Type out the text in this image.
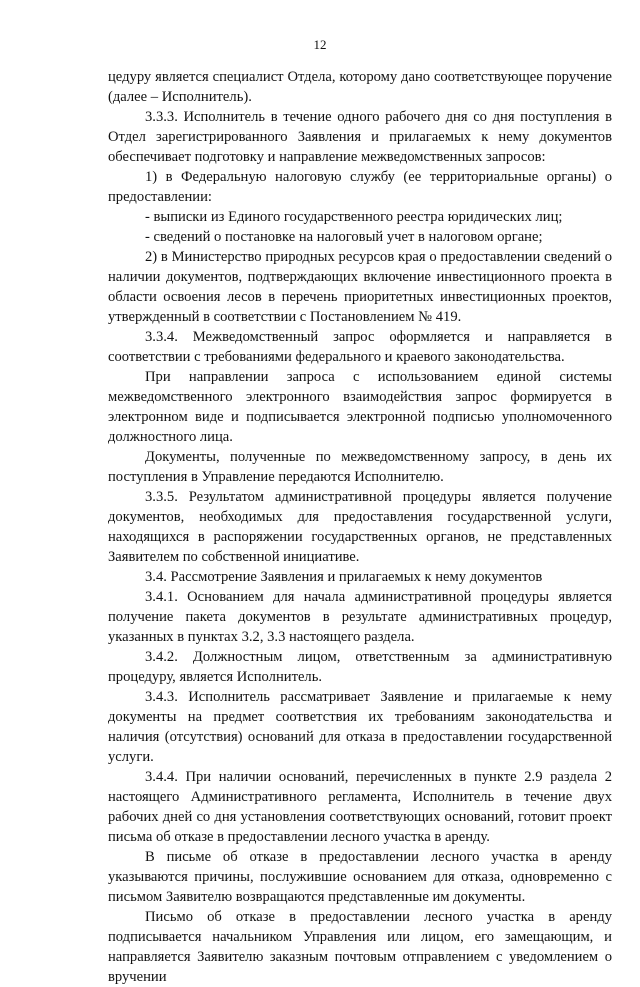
12

цедуру является специалист Отдела, которому дано соответствующее поручение (далее – Исполнитель).

3.3.3. Исполнитель в течение одного рабочего дня со дня поступления в Отдел зарегистрированного Заявления и прилагаемых к нему документов обеспечивает подготовку и направление межведомственных запросов:

1) в Федеральную налоговую службу (ее территориальные органы) о предоставлении:

- выписки из Единого государственного реестра юридических лиц;

- сведений о постановке на налоговый учет в налоговом органе;

2) в Министерство природных ресурсов края о предоставлении сведений о наличии документов, подтверждающих включение инвестиционного проекта в области освоения лесов в перечень приоритетных инвестиционных проектов, утвержденный в соответствии с Постановлением № 419.

3.3.4. Межведомственный запрос оформляется и направляется в соответствии с требованиями федерального и краевого законодательства.

При направлении запроса с использованием единой системы межведомственного электронного взаимодействия запрос формируется в электронном виде и подписывается электронной подписью уполномоченного должностного лица.

Документы, полученные по межведомственному запросу, в день их поступления в Управление передаются Исполнителю.

3.3.5. Результатом административной процедуры является получение документов, необходимых для предоставления государственной услуги, находящихся в распоряжении государственных органов, не представленных Заявителем по собственной инициативе.

3.4. Рассмотрение Заявления и прилагаемых к нему документов

3.4.1. Основанием для начала административной процедуры является получение пакета документов в результате административных процедур, указанных в пунктах 3.2, 3.3 настоящего раздела.

3.4.2. Должностным лицом, ответственным за административную процедуру, является Исполнитель.

3.4.3. Исполнитель рассматривает Заявление и прилагаемые к нему документы на предмет соответствия их требованиям законодательства и наличия (отсутствия) оснований для отказа в предоставлении государственной услуги.

3.4.4. При наличии оснований, перечисленных в пункте 2.9 раздела 2 настоящего Административного регламента, Исполнитель в течение двух рабочих дней со дня установления соответствующих оснований, готовит проект письма об отказе в предоставлении лесного участка в аренду.

В письме об отказе в предоставлении лесного участка в аренду указываются причины, послужившие основанием для отказа, одновременно с письмом Заявителю возвращаются представленные им документы.

Письмо об отказе в предоставлении лесного участка в аренду подписывается начальником Управления или лицом, его замещающим, и направляется Заявителю заказным почтовым отправлением с уведомлением о вручении
